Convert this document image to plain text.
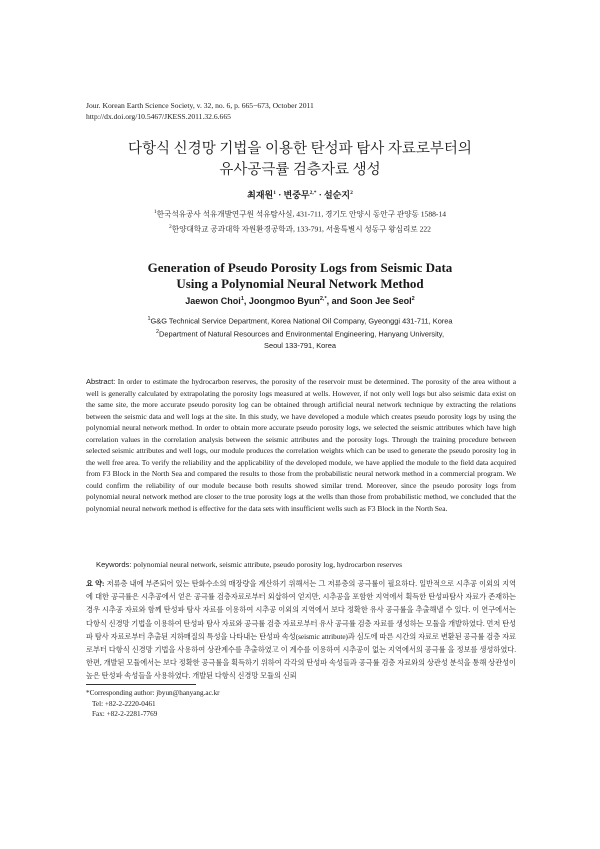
Jour. Korean Earth Science Society, v. 32, no. 6, p. 665−673, October 2011
http://dx.doi.org/10.5467/JKESS.2011.32.6.665
다항식 신경망 기법을 이용한 탄성파 탐사 자료로부터의
유사공극률 검층자료 생성
최재원$^1$ · 변중무$^{2,*}$ · 설순지$^2$
$^1$한국석유공사 석유개발연구원 석유탐사실, 431-711, 경기도 안양시 동안구 관양동 1588-14
$^2$한양대학교 공과대학 자원환경공학과, 133-791, 서울특별시 성동구 왕십리로 222
Generation of Pseudo Porosity Logs from Seismic Data
Using a Polynomial Neural Network Method
Jaewon Choi$^1$, Joongmoo Byun$^{2,*}$, and Soon Jee Seol$^2$
$^1$G&G Technical Service Department, Korea National Oil Company, Gyeonggi 431-711, Korea
$^2$Department of Natural Resources and Environmental Engineering, Hanyang University,
Seoul 133-791, Korea
Abstract: In order to estimate the hydrocarbon reserves, the porosity of the reservoir must be determined. The porosity of the area without a well is generally calculated by extrapolating the porosity logs measured at wells. However, if not only well logs but also seismic data exist on the same site, the more accurate pseudo porosity log can be obtained through artificial neural network technique by extracting the relations between the seismic data and well logs at the site. In this study, we have developed a module which creates pseudo porosity logs by using the polynomial neural network method. In order to obtain more accurate pseudo porosity logs, we selected the seismic attributes which have high correlation values in the correlation analysis between the seismic attributes and the porosity logs. Through the training procedure between selected seismic attributes and well logs, our module produces the correlation weights which can be used to generate the pseudo porosity log in the well free area. To verify the reliability and the applicability of the developed module, we have applied the module to the field data acquired from F3 Block in the North Sea and compared the results to those from the probabilistic neural network method in a commercial program. We could confirm the reliability of our module because both results showed similar trend. Moreover, since the pseudo porosity logs from polynomial neural network method are closer to the true porosity logs at the wells than those from probabilistic method, we concluded that the polynomial neural network method is effective for the data sets with insufficient wells such as F3 Block in the North Sea.
Keywords: polynomial neural network, seismic attribute, pseudo porosity log, hydrocarbon reserves
요 약: 저류층 내에 부존되어 있는 탄화수소의 매장량을 계산하기 위해서는 그 저류층의 공극률이 필요하다. 일반적으로 시추공 이외의 지역에 대한 공극률은 시추공에서 얻은 공극률 검층자료로부터 외삽하여 얻지만, 시추공을 포함한 지역에서 획득한 탄성파탐사 자료가 존재하는 경우 시추공 자료와 함께 탄성파 탐사 자료를 이용하여 시추공 이외의 지역에서 보다 정확한 유사 공극률을 추출해낼 수 있다. 이 연구에서는 다항식 신경망 기법을 이용하여 탄성파 탐사 자료와 공극률 검층 자료로부터 유사 공극률 검층 자료를 생성하는 모듈을 개발하였다. 먼저 탄성파 탐사 자료로부터 추출된 지하매질의 특성을 나타내는 탄성파 속성(seismic attribute)과 심도에 따른 시간의 자료로 변환된 공극률 검층 자료로부터 다항식 신경망 기법을 사용하여 상관계수를 추출하였고 이 계수를 이용하여 시추공이 없는 지역에서의 공극률 을 정보를 생성하였다. 한편, 개발된 모듈에서는 보다 정확한 공극률을 획득하기 위하여 각각의 탄성파 속성들과 공극률 검층 자료와의 상관성 분석을 통해 상관성이 높은 탄성파 속성들을 사용하였다. 개발된 다항식 신경망 모듈의 신뢰
*Corresponding author: jbyun@hanyang.ac.kr
Tel: +82-2-2220-0461
Fax: +82-2-2281-7769
